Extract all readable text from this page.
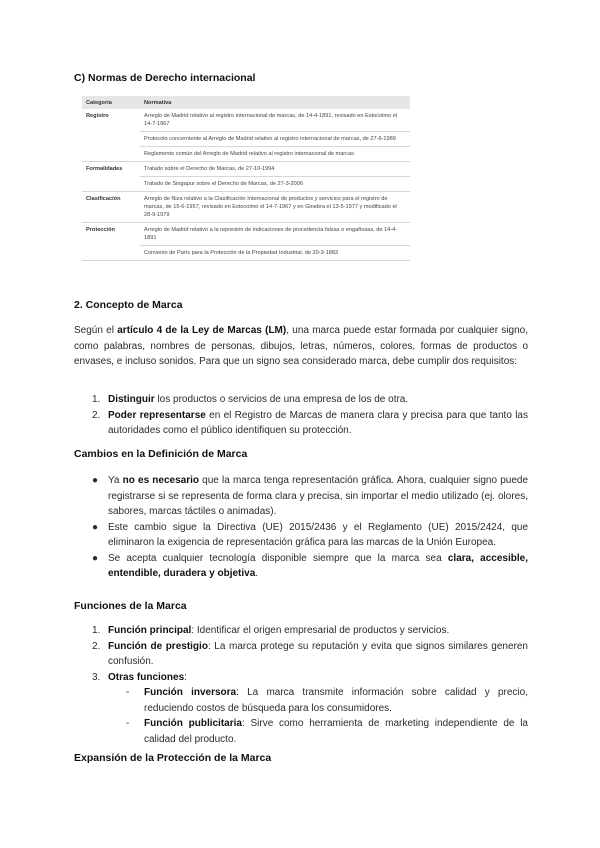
C) Normas de Derecho internacional
Categoría	Normativa
Registro	Arreglo de Madrid relativo al registro internacional de marcas, de 14-4-1891, revisado en Estocolmo el 14-7-1967
	Protocolo concerniente al Arreglo de Madrid relativo al registro internacional de marcas, de 27-6-1989
	Reglamento común del Arreglo de Madrid relativo al registro internacional de marcas
Formalidades	Tratado sobre el Derecho de Marcas, de 27-10-1994
	Tratado de Singapur sobre el Derecho de Marcas, de 27-3-2006
Clasificación	Arreglo de Niza relativo a la Clasificación Internacional de productos y servicios para el registro de marcas, de 15-6-1957, revisado en Estocolmo el 14-7-1967 y en Ginebra el 13-5-1977 y modificado el 28-9-1979
Protección	Arreglo de Madrid relativo a la represión de indicaciones de procedencia falsas o engañosas, de 14-4-1891
	Convenio de París para la Protección de la Propiedad Industrial, de 20-3-1883
2. Concepto de Marca

Según el artículo 4 de la Ley de Marcas (LM), una marca puede estar formada por cualquier signo, como palabras, nombres de personas, dibujos, letras, números, colores, formas de productos o envases, e incluso sonidos. Para que un signo sea considerado marca, debe cumplir dos requisitos:

1. Distinguir los productos o servicios de una empresa de los de otra.
2. Poder representarse en el Registro de Marcas de manera clara y precisa para que tanto las autoridades como el público identifiquen su protección.
Cambios en la Definición de Marca
● Ya no es necesario que la marca tenga representación gráfica. Ahora, cualquier signo puede registrarse si se representa de forma clara y precisa, sin importar el medio utilizado (ej. olores, sabores, marcas táctiles o animadas).
● Este cambio sigue la Directiva (UE) 2015/2436 y el Reglamento (UE) 2015/2424, que eliminaron la exigencia de representación gráfica para las marcas de la Unión Europea.
● Se acepta cualquier tecnología disponible siempre que la marca sea clara, accesible, entendible, duradera y objetiva.
Funciones de la Marca
1. Función principal: Identificar el origen empresarial de productos y servicios.
2. Función de prestigio: La marca protege su reputación y evita que signos similares generen confusión.
3. Otras funciones:
- Función inversora: La marca transmite información sobre calidad y precio, reduciendo costos de búsqueda para los consumidores.
- Función publicitaria: Sirve como herramienta de marketing independiente de la calidad del producto.
Expansión de la Protección de la Marca
